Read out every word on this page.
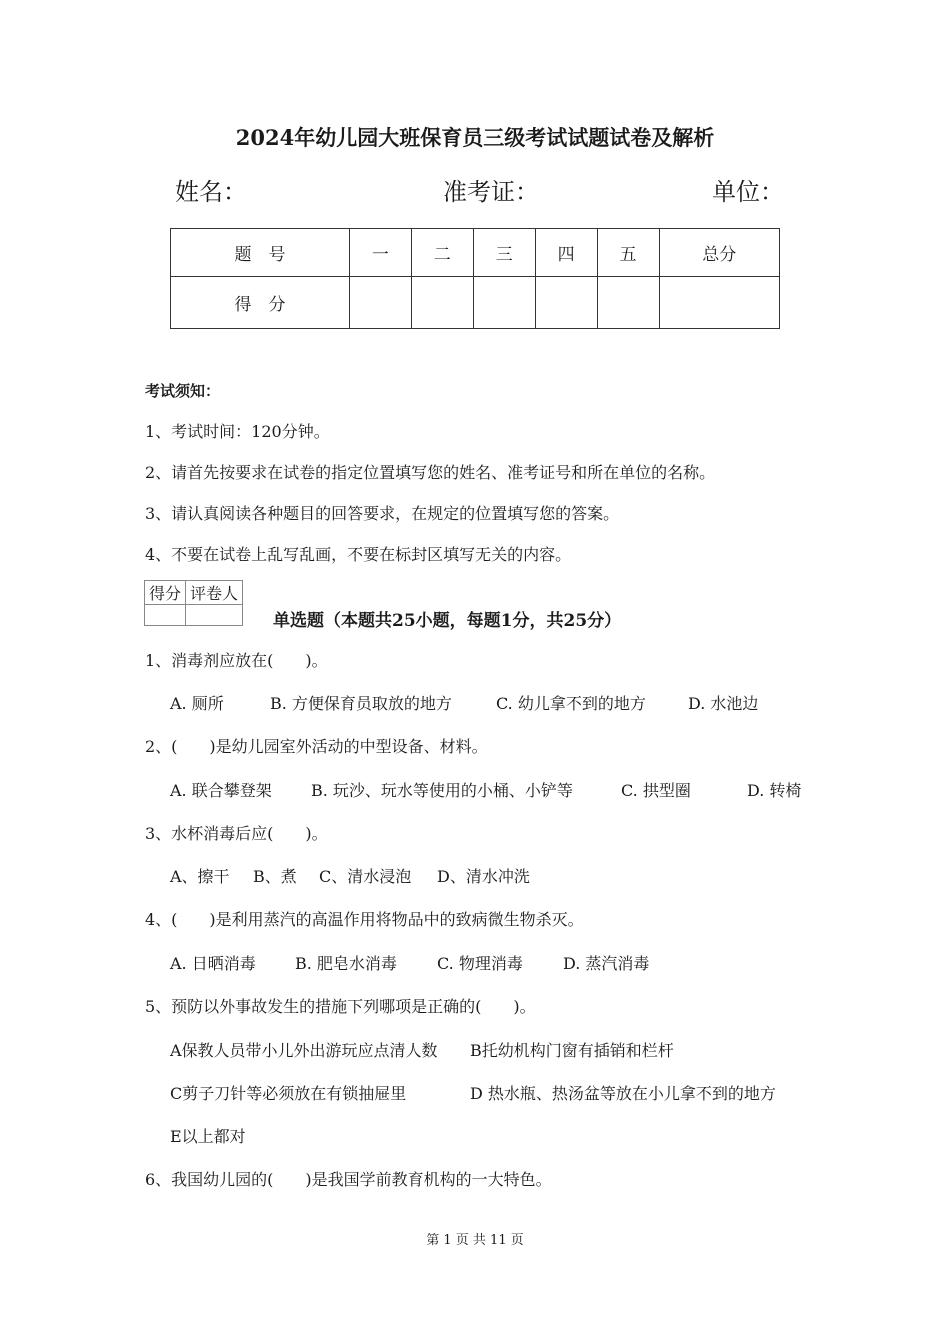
2024年幼儿园大班保育员三级考试试题试卷及解析
姓名：	准考证：	单位：
题　号	一	二	三	四	五	总分
得　分						
考试须知：
1、考试时间：120分钟。
2、请首先按要求在试卷的指定位置填写您的姓名、准考证号和所在单位的名称。
3、请认真阅读各种题目的回答要求，在规定的位置填写您的答案。
4、不要在试卷上乱写乱画，不要在标封区填写无关的内容。
得分	评卷人

单选题（本题共25小题，每题1分，共25分）
1、消毒剂应放在(　　)。
A. 厕所	B. 方便保育员取放的地方	C. 幼儿拿不到的地方	D. 水池边
2、(　　)是幼儿园室外活动的中型设备、材料。
A. 联合攀登架 B. 玩沙、玩水等使用的小桶、小铲等	C. 拱型圈	D. 转椅
3、水杯消毒后应(　　)。
A、擦干 B、煮 C、清水浸泡 D、清水冲洗
4、(　　)是利用蒸汽的高温作用将物品中的致病微生物杀灭。
A. 日晒消毒 B. 肥皂水消毒	C. 物理消毒	D. 蒸汽消毒
5、预防以外事故发生的措施下列哪项是正确的(　　)。
A保教人员带小儿外出游玩应点清人数 B托幼机构门窗有插销和栏杆
C剪子刀针等必须放在有锁抽屉里	D 热水瓶、热汤盆等放在小儿拿不到的地方
E以上都对
6、我国幼儿园的(　　)是我国学前教育机构的一大特色。
第 1 页 共 11 页
